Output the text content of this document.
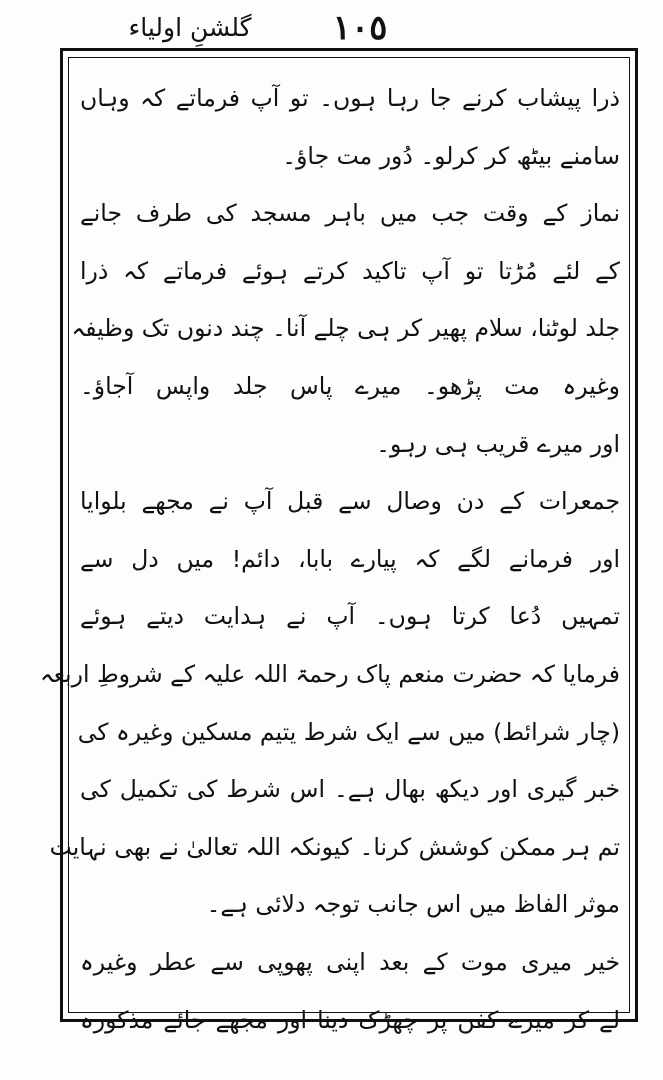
گلشنِ اولیاء	١٠٥
ذرا پیشاب کرنے جا رہا ہوں۔ تو آپ فرماتے کہ وہاں
سامنے بیٹھ کر کرلو۔ دُور مت جاؤ۔
نماز کے وقت جب میں باہر مسجد کی طرف جانے
کے لئے مُڑتا تو آپ تاکید کرتے ہوئے فرماتے کہ ذرا
جلد لوٹنا، سلام پھیر کر ہی چلے آنا۔ چند دنوں تک وظیفہ
وغیرہ مت پڑھو۔ میرے پاس جلد واپس آجاؤ۔
اور میرے قریب ہی رہو۔
جمعرات کے دن وصال سے قبل آپ نے مجھے بلوایا
اور فرمانے لگے کہ پیارے بابا، دائم! میں دل سے
تمہیں دُعا کرتا ہوں۔ آپ نے ہدایت دیتے ہوئے
فرمایا کہ حضرت منعم پاک رحمۃ اللہ علیہ کے شروطِ اربعہ
(چار شرائط) میں سے ایک شرط یتیم مسکین وغیرہ کی
خبر گیری اور دیکھ بھال ہے۔ اس شرط کی تکمیل کی
تم ہر ممکن کوشش کرنا۔ کیونکہ اللہ تعالیٰ نے بھی نہایت
موثر الفاظ میں اس جانب توجہ دلائی ہے۔
خیر میری موت کے بعد اپنی پھوپی سے عطر وغیرہ
لے کر میرے کفن پر چھڑک دینا اور مجھے جائے مذکورہ
